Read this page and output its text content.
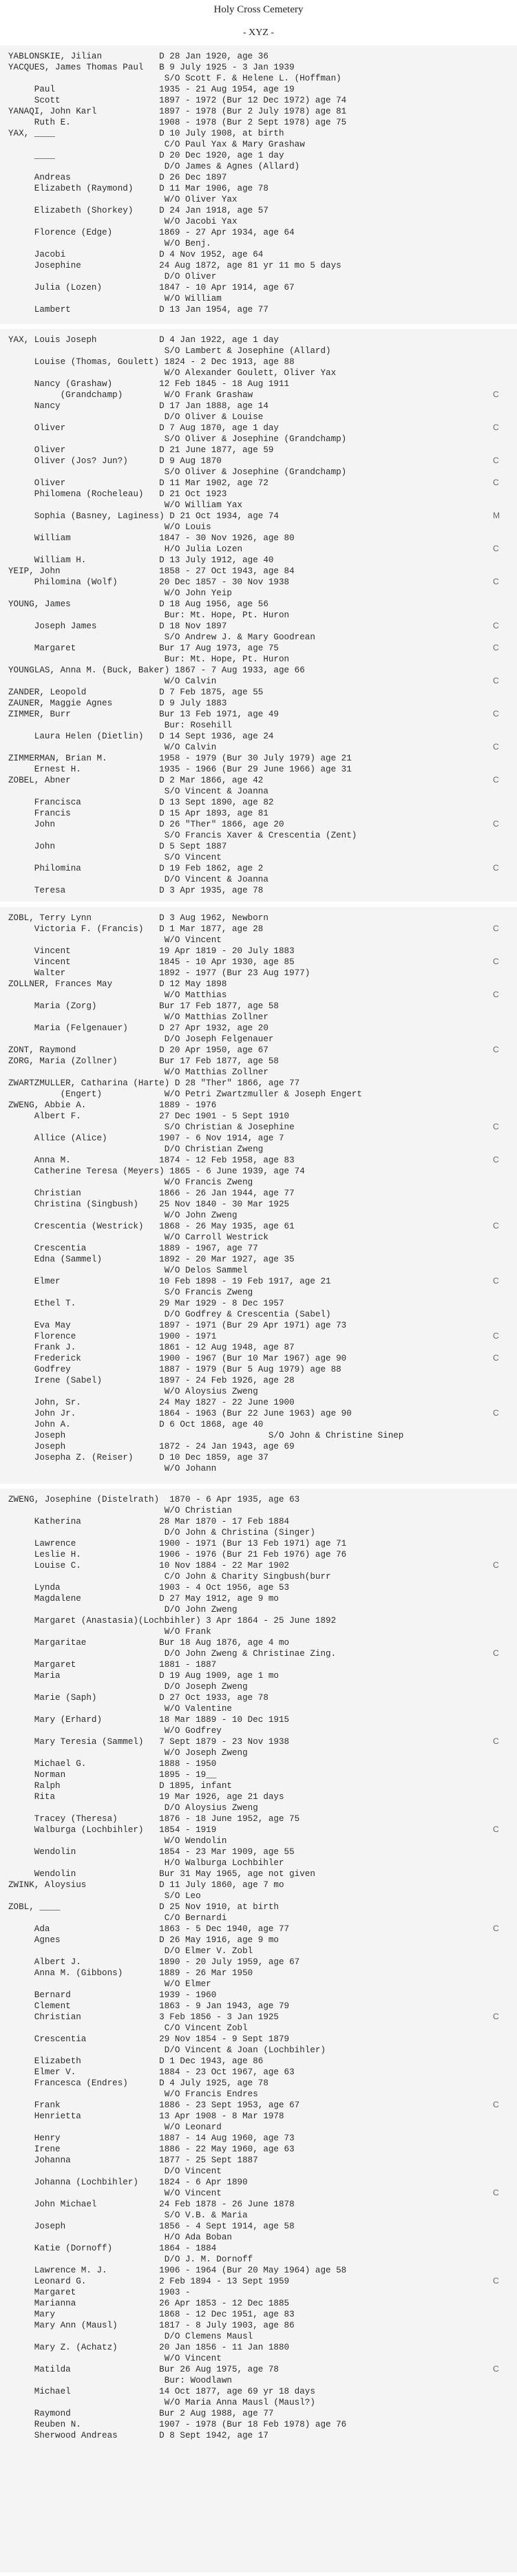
Holy Cross Cemetery
- XYZ -
YABLONSKIE, Jilian           D 28 Jan 1920, age 36
YACQUES, James Thomas Paul   B 9 July 1925 - 3 Jan 1939
S/O Scott F. & Helene L. (Hoffman)
Paul                    1935 - 21 Aug 1954, age 19
Scott                   1897 - 1972 (Bur 12 Dec 1972) age 74
YANAQI, John Karl            1897 - 1978 (Bur 2 July 1978) age 81
Ruth E.                 1908 - 1978 (Bur 2 Sept 1978) age 75
YAX, ____                    D 10 July 1908, at birth
C/O Paul Yax & Mary Grashaw
____                    D 20 Dec 1920, age 1 day
D/O James & Agnes (Allard)
Andreas                 D 26 Dec 1897
Elizabeth (Raymond)     D 11 Mar 1906, age 78
W/O Oliver Yax
Elizabeth (Shorkey)     D 24 Jan 1918, age 57
W/O Jacobi Yax
Florence (Edge)         1869 - 27 Apr 1934, age 64
W/O Benj.
Jacobi                  D 4 Nov 1952, age 64
Josephine               24 Aug 1872, age 81 yr 11 mo 5 days
D/O Oliver
Julia (Lozen)           1847 - 10 Apr 1914, age 67
W/O William
Lambert                 D 13 Jan 1954, age 77
YAX, Louis Joseph            D 4 Jan 1922, age 1 day
S/O Lambert & Josephine (Allard)
Louise (Thomas, Goulett) 1824 - 2 Dec 1913, age 88
W/O Alexander Goulett, Oliver Yax
Nancy (Grashaw)         12 Feb 1845 - 18 Aug 1911
(Grandchamp)        W/O Frank Grashaw
Nancy                   D 17 Jan 1888, age 14
D/O Oliver & Louise
Oliver                  D 7 Aug 1870, age 1 day
S/O Oliver & Josephine (Grandchamp)
Oliver                  D 21 June 1877, age 59
Oliver (Jos? Jun?)      D 9 Aug 1870
S/O Oliver & Josephine (Grandchamp)
Oliver                  D 11 Mar 1902, age 72
Philomena (Rocheleau)   D 21 Oct 1923
W/O William Yax
Sophia (Basney, Laginess) D 21 Oct 1934, age 74
W/O Louis
William                 1847 - 30 Nov 1926, age 80
H/O Julia Lozen
William H.              D 13 July 1912, age 40
YEIP, John                   1858 - 27 Oct 1943, age 84
Philomina (Wolf)        20 Dec 1857 - 30 Nov 1938
W/O John Yeip
YOUNG, James                 D 18 Aug 1956, age 56
Bur: Mt. Hope, Pt. Huron
Joseph James            D 18 Nov 1897
S/O Andrew J. & Mary Goodrean
Margaret                Bur 17 Aug 1973, age 75
Bur: Mt. Hope, Pt. Huron
YOUNGLAS, Anna M. (Buck, Baker) 1867 - 7 Aug 1933, age 66
W/O Calvin
ZANDER, Leopold              D 7 Feb 1875, age 55
ZAUNER, Maggie Agnes         D 9 July 1883
ZIMMER, Burr                 Bur 13 Feb 1971, age 49
Bur: Rosehill
Laura Helen (Dietlin)   D 14 Sept 1936, age 24
W/O Calvin
ZIMMERMAN, Brian M.          1958 - 1979 (Bur 30 July 1979) age 21
Ernest H.               1935 - 1966 (Bur 29 June 1966) age 31
ZOBEL, Abner                 D 2 Mar 1866, age 42
S/O Vincent & Joanna
Francisca               D 13 Sept 1890, age 82
Francis                 D 15 Apr 1893, age 81
John                    D 26 "Ther" 1866, age 20
S/O Francis Xaver & Crescentia (Zent)
John                    D 5 Sept 1887
S/O Vincent
Philomina               D 19 Feb 1862, age 2
D/O Vincent & Joanna
Teresa                  D 3 Apr 1935, age 78
C
C
C
C
M
C
C
C
C
C
C
C
C
C
C
ZOBL, Terry Lynn             D 3 Aug 1962, Newborn
Victoria F. (Francis)   D 1 Mar 1877, age 28
W/O Vincent
Vincent                 19 Apr 1819 - 20 July 1883
Vincent                 1845 - 10 Apr 1930, age 85
Walter                  1892 - 1977 (Bur 23 Aug 1977)
ZOLLNER, Frances May         D 12 May 1898
W/O Matthias
Maria (Zorg)            Bur 17 Feb 1877, age 58
W/O Matthias Zollner
Maria (Felgenauer)      D 27 Apr 1932, age 20
D/O Joseph Felgenauer
ZONT, Raymond                D 20 Apr 1950, age 67
ZORG, Maria (Zollner)        Bur 17 Feb 1877, age 58
W/O Matthias Zollner
ZWARTZMULLER, Catharina (Harte) D 28 "Ther" 1866, age 77
(Engert)            W/O Petri Zwartzmuller & Joseph Engert
ZWENG, Abbie A.              1889 - 1976
Albert F.               27 Dec 1901 - 5 Sept 1910
S/O Christian & Josephine
Allice (Alice)          1907 - 6 Nov 1914, age 7
D/O Christian Zweng
Anna M.                 1874 - 12 Feb 1958, age 83
Catherine Teresa (Meyers) 1865 - 6 June 1939, age 74
W/O Francis Zweng
Christian               1866 - 26 Jan 1944, age 77
Christina (Singbush)    25 Nov 1840 - 30 Mar 1925
W/O John Zweng
Crescentia (Westrick)   1868 - 26 May 1935, age 61
W/O Carroll Westrick
Crescentia              1889 - 1967, age 77
Edna (Sammel)           1892 - 20 Mar 1927, age 35
W/O Delos Sammel
Elmer                   10 Feb 1898 - 19 Feb 1917, age 21
S/O Francis Zweng
Ethel T.                29 Mar 1929 - 8 Dec 1957
D/O Godfrey & Crescentia (Sabel)
Eva May                 1897 - 1971 (Bur 29 Apr 1971) age 73
Florence                1900 - 1971
Frank J.                1861 - 12 Aug 1948, age 87
Frederick               1900 - 1967 (Bur 10 Mar 1967) age 90
Godfrey                 1887 - 1979 (Bur 5 Aug 1979) age 88
Irene (Sabel)           1897 - 24 Feb 1926, age 28
W/O Aloysius Zweng
John, Sr.               24 May 1827 - 22 June 1900
John Jr.                1864 - 1963 (Bur 22 June 1963) age 90
John A.                 D 6 Oct 1868, age 40
Joseph                                       S/O John & Christine Sinep
Joseph                  1872 - 24 Jan 1943, age 69
Josepha Z. (Reiser)     D 10 Dec 1859, age 37
W/O Johann
C
C
C
C
C
C
C
C
C
C
C
ZWENG, Josephine (Distelrath)  1870 - 6 Apr 1935, age 63
W/O Christian
Katherina               28 Mar 1870 - 17 Feb 1884
D/O John & Christina (Singer)
Lawrence                1900 - 1971 (Bur 13 Feb 1971) age 71
Leslie H.               1906 - 1976 (Bur 21 Feb 1976) age 76
Louise C.               10 Nov 1884 - 22 Mar 1902
C/O John & Charity Singbush(burr
Lynda                   1903 - 4 Oct 1956, age 53
Magdalene               D 27 May 1912, age 9 mo
D/O John Zweng
Margaret (Anastasia)(Lochbihler) 3 Apr 1864 - 25 June 1892
W/O Frank
Margaritae              Bur 18 Aug 1876, age 4 mo
D/O John Zweng & Christinae Zing.
Margaret                1881 - 1887
Maria                   D 19 Aug 1909, age 1 mo
D/O Joseph Zweng
Marie (Saph)            D 27 Oct 1933, age 78
W/O Valentine
Mary (Erhard)           18 Mar 1889 - 10 Dec 1915
W/O Godfrey
Mary Teresia (Sammel)   7 Sept 1879 - 23 Nov 1938
W/O Joseph Zweng
Michael G.              1888 - 1950
Norman                  1895 - 19__
Ralph                   D 1895, infant
Rita                    19 Mar 1926, age 21 days
D/O Aloysius Zweng
Tracey (Theresa)        1876 - 18 June 1952, age 75
Walburga (Lochbihler)   1854 - 1919
W/O Wendolin
Wendolin                1854 - 23 Mar 1909, age 55
H/O Walburga Lochbihler
Wendolin                Bur 31 May 1965, age not given
ZWINK, Aloysius              D 11 July 1860, age 7 mo
S/O Leo
ZOBL, ____                   D 25 Nov 1910, at birth
C/O Bernardi
Ada                     1863 - 5 Dec 1940, age 77
Agnes                   D 26 May 1916, age 9 mo
D/O Elmer V. Zobl
Albert J.               1890 - 20 July 1959, age 67
Anna M. (Gibbons)       1889 - 26 Mar 1950
W/O Elmer
Bernard                 1939 - 1960
Clement                 1863 - 9 Jan 1943, age 79
Christian               3 Feb 1856 - 3 Jan 1925
C/O Vincent Zobl
Crescentia              29 Nov 1854 - 9 Sept 1879
D/O Vincent & Joan (Lochbihler)
Elizabeth               D 1 Dec 1943, age 86
Elmer V.                1884 - 23 Oct 1967, age 63
Francesca (Endres)      D 4 July 1925, age 78
W/O Francis Endres
Frank                   1886 - 23 Sept 1953, age 67
Henrietta               13 Apr 1908 - 8 Mar 1978
W/O Leonard
Henry                   1887 - 14 Aug 1960, age 73
Irene                   1886 - 22 May 1960, age 63
Johanna                 1877 - 25 Sept 1887
D/O Vincent
Johanna (Lochbihler)    1824 - 6 Apr 1890
W/O Vincent
John Michael            24 Feb 1878 - 26 June 1878
S/O V.B. & Maria
Joseph                  1856 - 4 Sept 1914, age 58
H/O Ada Boban
Katie (Dornoff)         1864 - 1884
D/O J. M. Dornoff
Lawrence M. J.          1906 - 1964 (Bur 20 May 1964) age 58
Leonard G.              2 Feb 1894 - 13 Sept 1959
Margaret                1903 -
Marianna                26 Apr 1853 - 12 Dec 1885
Mary                    1868 - 12 Dec 1951, age 83
Mary Ann (Mausl)        1817 - 8 July 1903, age 86
D/O Clemens Mausl
Mary Z. (Achatz)        20 Jan 1856 - 11 Jan 1880
W/O Vincent
Matilda                 Bur 26 Aug 1975, age 78
Bur: Woodlawn
Michael                 14 Oct 1877, age 69 yr 18 days
W/O Maria Anna Mausl (Mausl?)
Raymond                 Bur 2 Aug 1988, age 77
Reuben N.               1907 - 1978 (Bur 18 Feb 1978) age 76
Sherwood Andreas        D 8 Sept 1942, age 17
C
C
C
C
C
C
C
C
C
C
